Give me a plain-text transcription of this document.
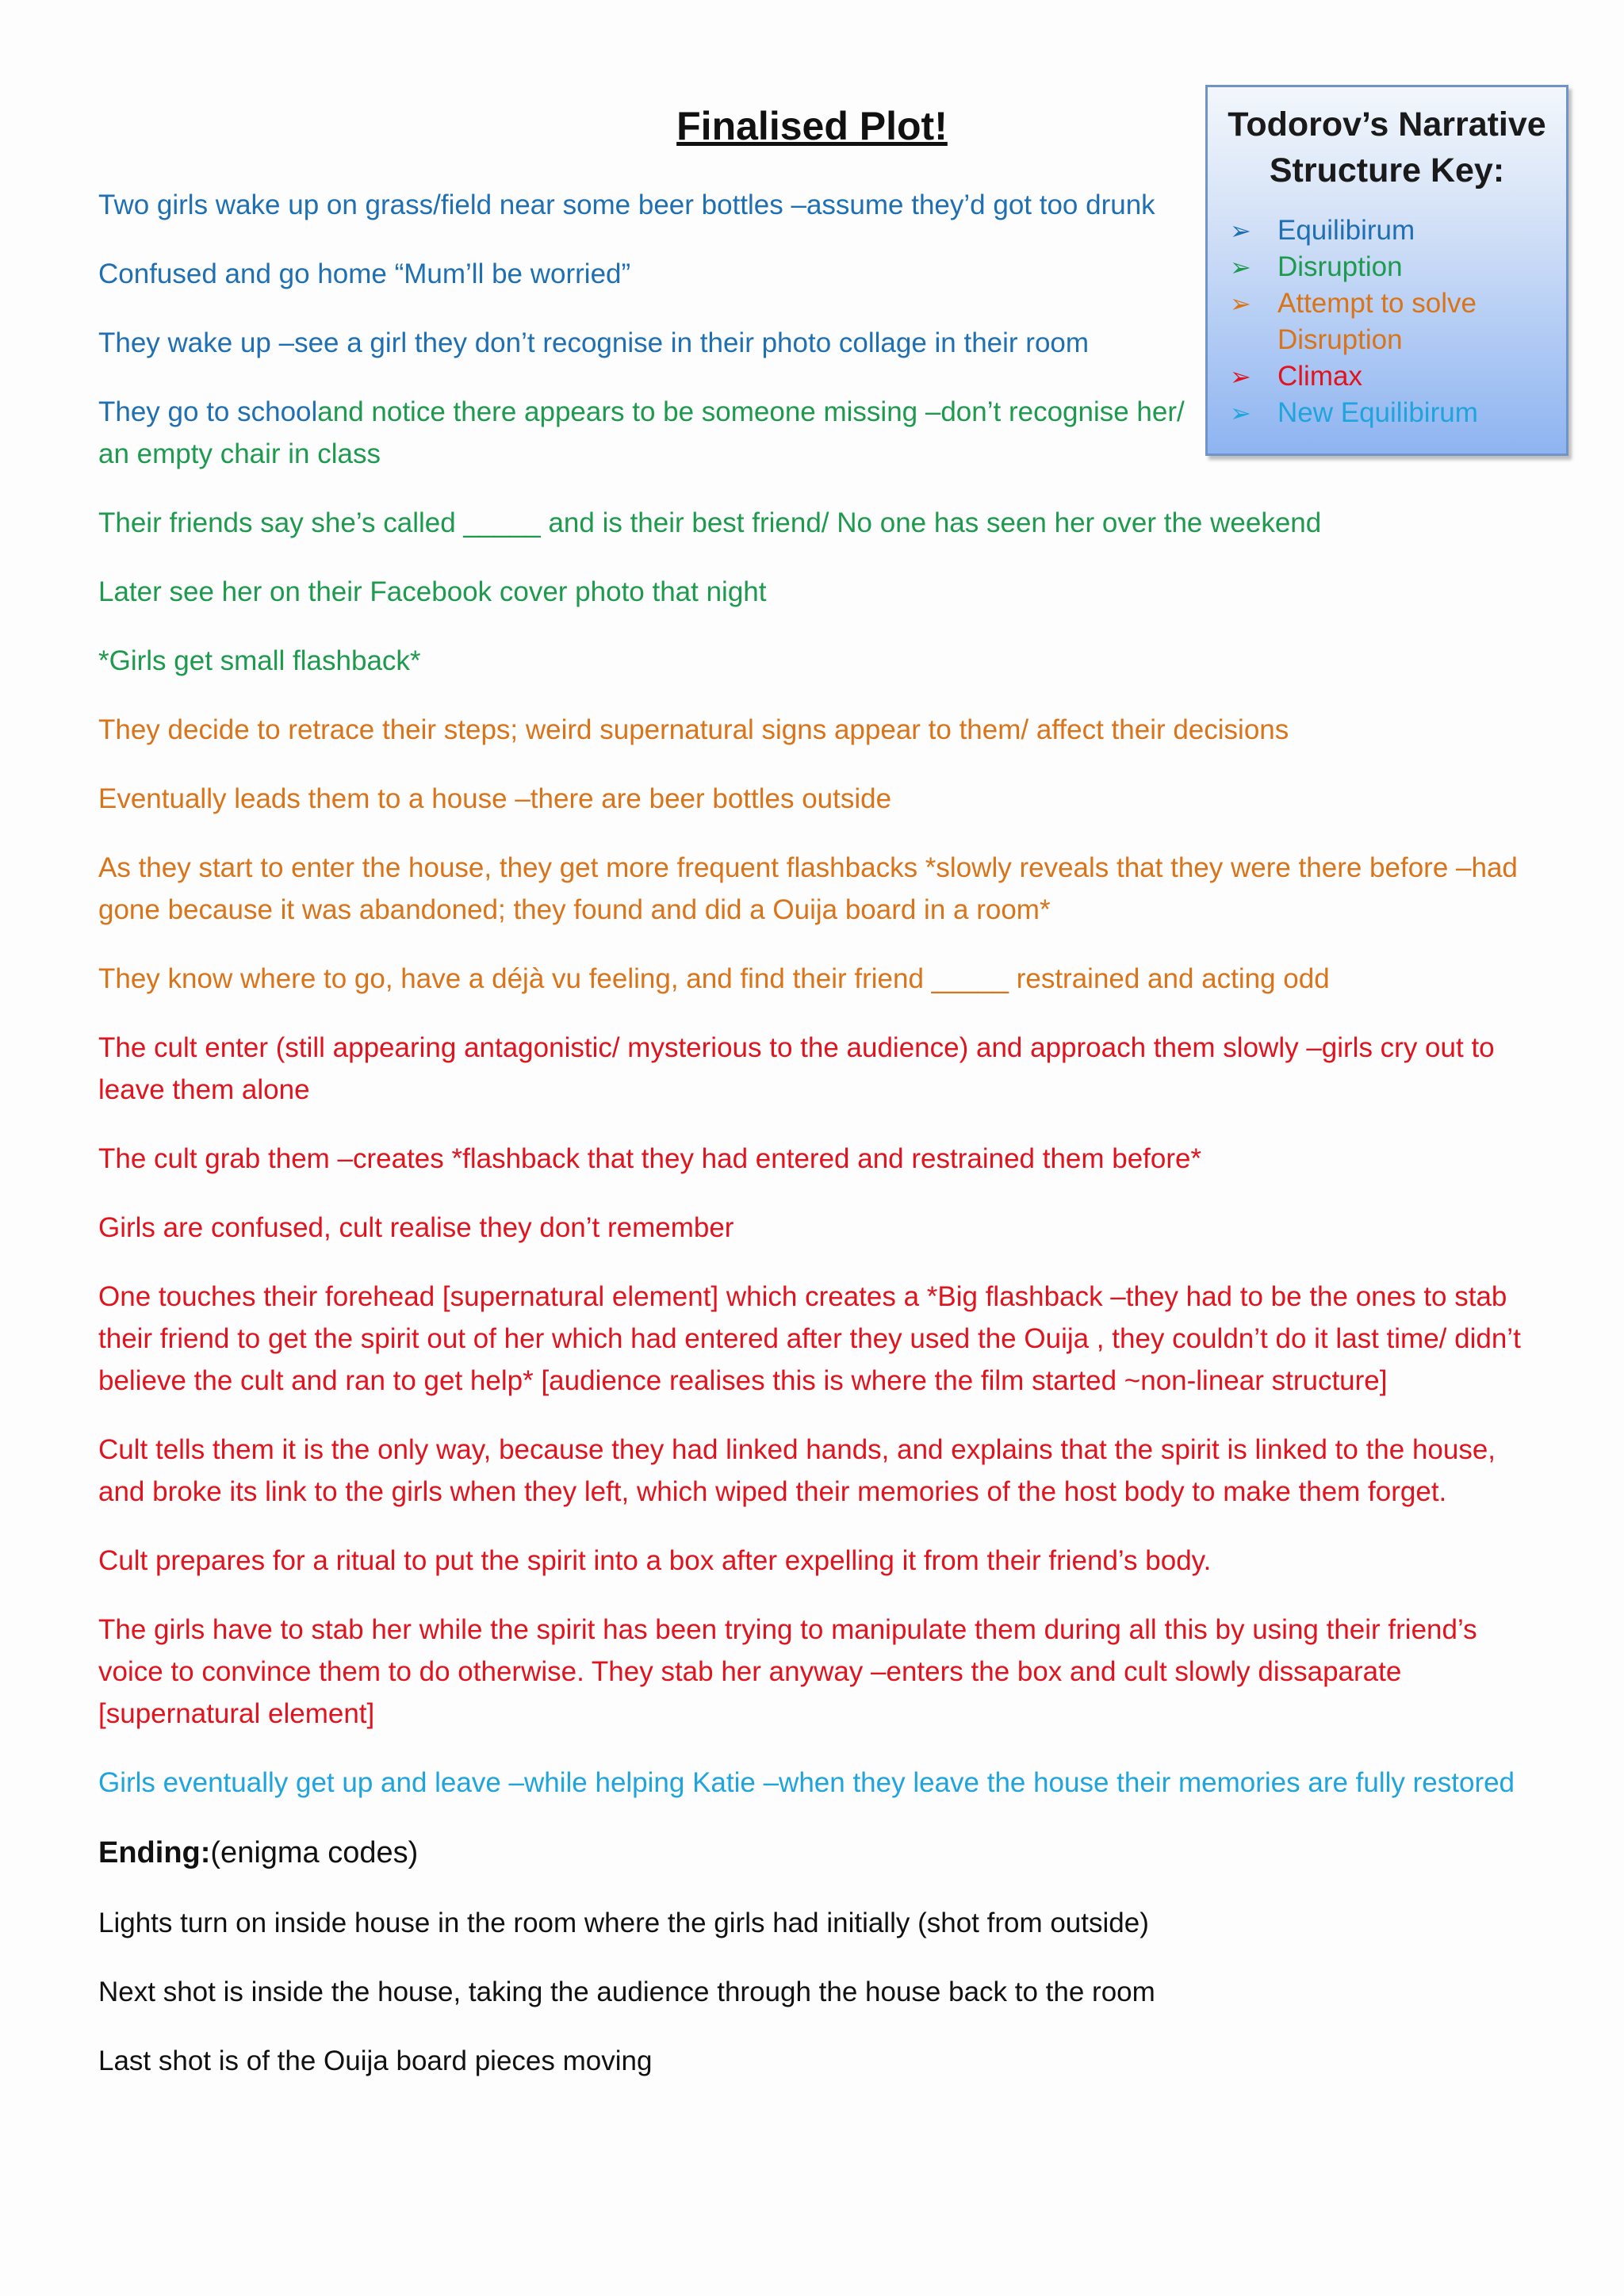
Finalised Plot!	Todorov’s Narrative
Structure Key:
➢ Equilibirum
➢ Disruption
➢ Attempt to solve
Disruption
➢ Climax
➢ New Equilibirum

Two girls wake up on grass/field near some beer bottles –assume they’d got too drunk

Confused and go home “Mum’ll be worried”

They wake up –see a girl they don’t recognise in their photo collage in their room

They go to schooland notice there appears to be someone missing –don’t recognise her/ an empty chair in class

Their friends say she’s called _____ and is their best friend/ No one has seen her over the weekend

Later see her on their Facebook cover photo that night

*Girls get small flashback*

They decide to retrace their steps; weird supernatural signs appear to them/ affect their decisions

Eventually leads them to a house –there are beer bottles outside

As they start to enter the house, they get more frequent flashbacks *slowly reveals that they were there before –had gone because it was abandoned; they found and did a Ouija board in a room*

They know where to go, have a déjà vu feeling, and find their friend _____ restrained and acting odd

The cult enter (still appearing antagonistic/ mysterious to the audience) and approach them slowly –girls cry out to leave them alone

The cult grab them –creates *flashback that they had entered and restrained them before*

Girls are confused, cult realise they don’t remember

One touches their forehead [supernatural element] which creates a *Big flashback –they had to be the ones to stab their friend to get the spirit out of her which had entered after they used the Ouija , they couldn’t do it last time/ didn’t believe the cult and ran to get help* [audience realises this is where the film started ~non-linear structure]

Cult tells them it is the only way, because they had linked hands, and explains that the spirit is linked to the house, and broke its link to the girls when they left, which wiped their memories of the host body to make them forget.

Cult prepares for a ritual to put the spirit into a box after expelling it from their friend’s body.

The girls have to stab her while the spirit has been trying to manipulate them during all this by using their friend’s voice to convince them to do otherwise. They stab her anyway –enters the box and cult slowly dissaparate [supernatural element]

Girls eventually get up and leave –while helping Katie –when they leave the house their memories are fully restored

Ending:(enigma codes)

Lights turn on inside house in the room where the girls had initially (shot from outside)

Next shot is inside the house, taking the audience through the house back to the room

Last shot is of the Ouija board pieces moving
